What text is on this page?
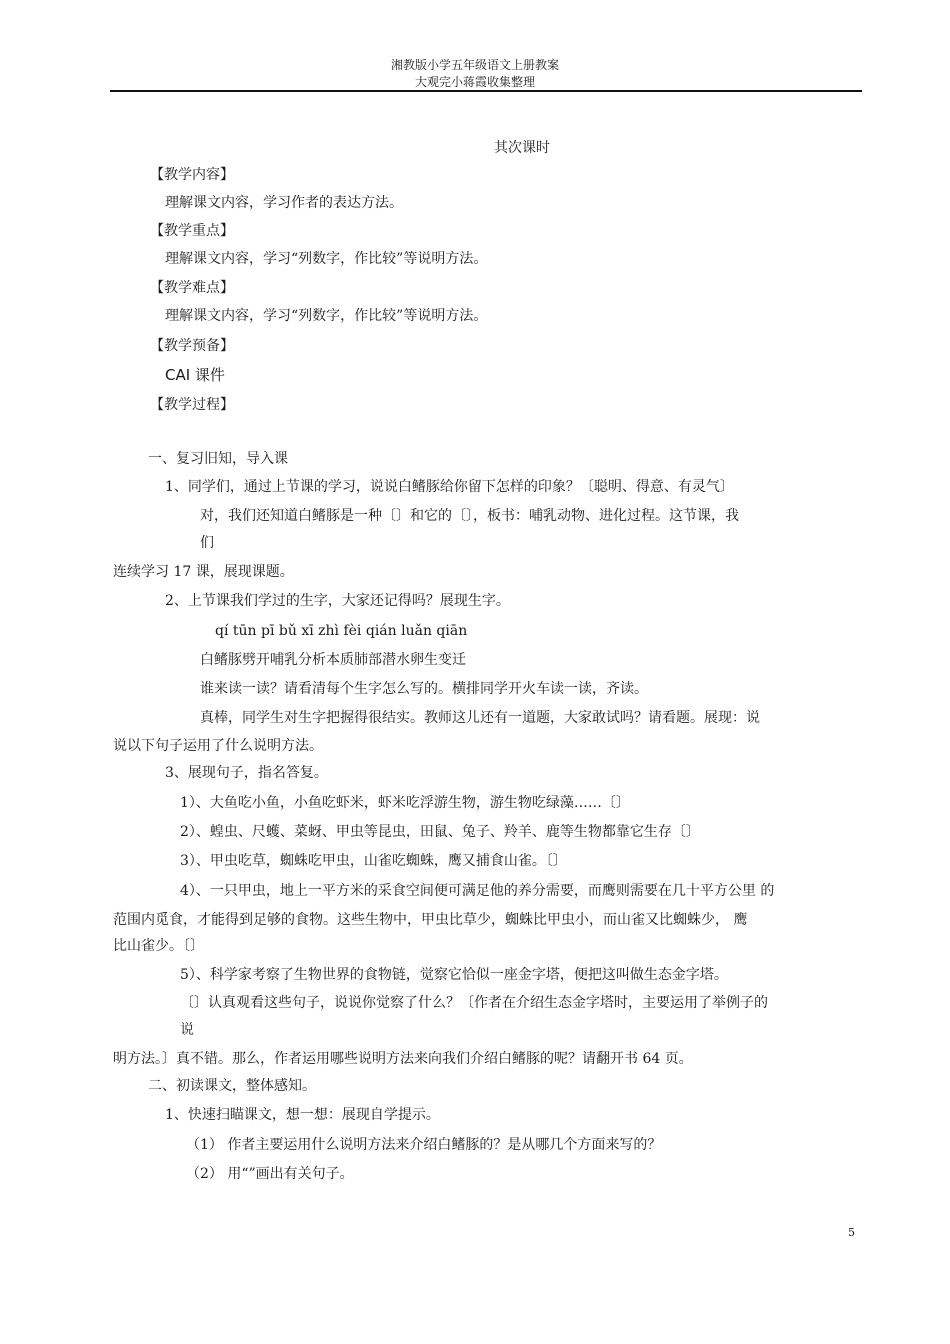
湘教版小学五年级语文上册教案
大观完小蒋霞收集整理
其次课时
【教学内容】
理解课文内容，学习作者的表达方法。
【教学重点】
理解课文内容，学习“列数字，作比较”等说明方法。
【教学难点】
理解课文内容，学习“列数字，作比较”等说明方法。
【教学预备】
CAI 课件
【教学过程】
一、复习旧知，导入课
1、同学们，通过上节课的学习，说说白鳍豚给你留下怎样的印象？〔聪明、得意、有灵气〕
对，我们还知道白鳍豚是一种〔〕和它的〔〕，板书：哺乳动物、进化过程。这节课，我
们
连续学习 17 课，展现课题。
2、上节课我们学过的生字，大家还记得吗？展现生字。
qí tūn pī bǔ xī zhì fèi qián luǎn qiān
白鳍豚劈开哺乳分析本质肺部潜水卵生变迁
谁来读一读？请看清每个生字怎么写的。横排同学开火车读一读，齐读。
真棒，同学生对生字把握得很结实。教师这儿还有一道题，大家敢试吗？请看题。展现：说
说以下句子运用了什么说明方法。
3、展现句子，指名答复。
1）、大鱼吃小鱼，小鱼吃虾米，虾米吃浮游生物，游生物吃绿藻……〔〕
2）、蝗虫、尺蠖、菜蚜、甲虫等昆虫，田鼠、兔子、羚羊、鹿等生物都靠它生存〔〕
3）、甲虫吃草，蜘蛛吃甲虫，山雀吃蜘蛛，鹰又捕食山雀。〔〕
4）、一只甲虫，地上一平方米的采食空间便可满足他的养分需要，而鹰则需要在几十平方公里 的
范围内觅食，才能得到足够的食物。这些生物中，甲虫比草少，蜘蛛比甲虫小，而山雀又比蜘蛛少， 鹰
比山雀少。〔〕
5）、科学家考察了生物世界的食物链，觉察它恰似一座金字塔，便把这叫做生态金字塔。
〔〕认真观看这些句子，说说你觉察了什么？〔作者在介绍生态金字塔时，主要运用了举例子的
说
明方法。〕真不错。那么，作者运用哪些说明方法来向我们介绍白鳍豚的呢？请翻开书 64 页。
二、初读课文，整体感知。
1、快速扫瞄课文，想一想：展现自学提示。
（1） 作者主要运用什么说明方法来介绍白鳍豚的？是从哪几个方面来写的？
（2） 用“”画出有关句子。
5
